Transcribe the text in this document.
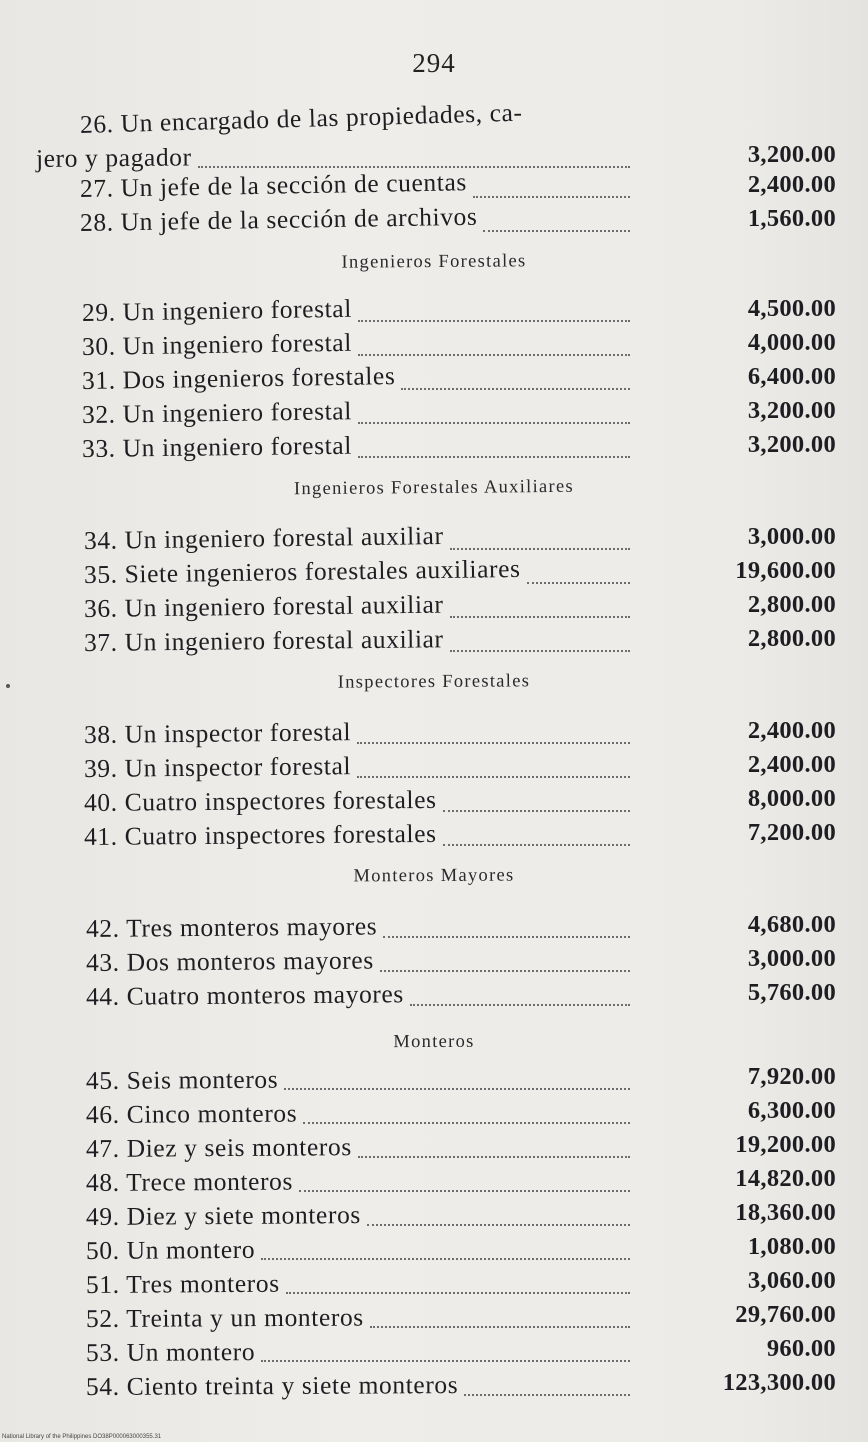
294
26. Un encargado de las propiedades, ca-
jero y pagador	3,200.00
27. Un jefe de la sección de cuentas	2,400.00
28. Un jefe de la sección de archivos	1,560.00
Ingenieros Forestales
29. Un ingeniero forestal	4,500.00
30. Un ingeniero forestal	4,000.00
31. Dos ingenieros forestales	6,400.00
32. Un ingeniero forestal	3,200.00
33. Un ingeniero forestal	3,200.00
Ingenieros Forestales Auxiliares
34. Un ingeniero forestal auxiliar	3,000.00
35. Siete ingenieros forestales auxiliares	19,600.00
36. Un ingeniero forestal auxiliar	2,800.00
37. Un ingeniero forestal auxiliar	2,800.00
Inspectores Forestales
38. Un inspector forestal	2,400.00
39. Un inspector forestal	2,400.00
40. Cuatro inspectores forestales	8,000.00
41. Cuatro inspectores forestales	7,200.00
Monteros Mayores
42. Tres monteros mayores	4,680.00
43. Dos monteros mayores	3,000.00
44. Cuatro monteros mayores	5,760.00
Monteros
45. Seis monteros	7,920.00
46. Cinco monteros	6,300.00
47. Diez y seis monteros	19,200.00
48. Trece monteros	14,820.00
49. Diez y siete monteros	18,360.00
50. Un montero	1,080.00
51. Tres monteros	3,060.00
52. Treinta y un monteros	29,760.00
53. Un montero	960.00
54. Ciento treinta y siete monteros	123,300.00
National Library of the Philippines DO38P000063000355.31
